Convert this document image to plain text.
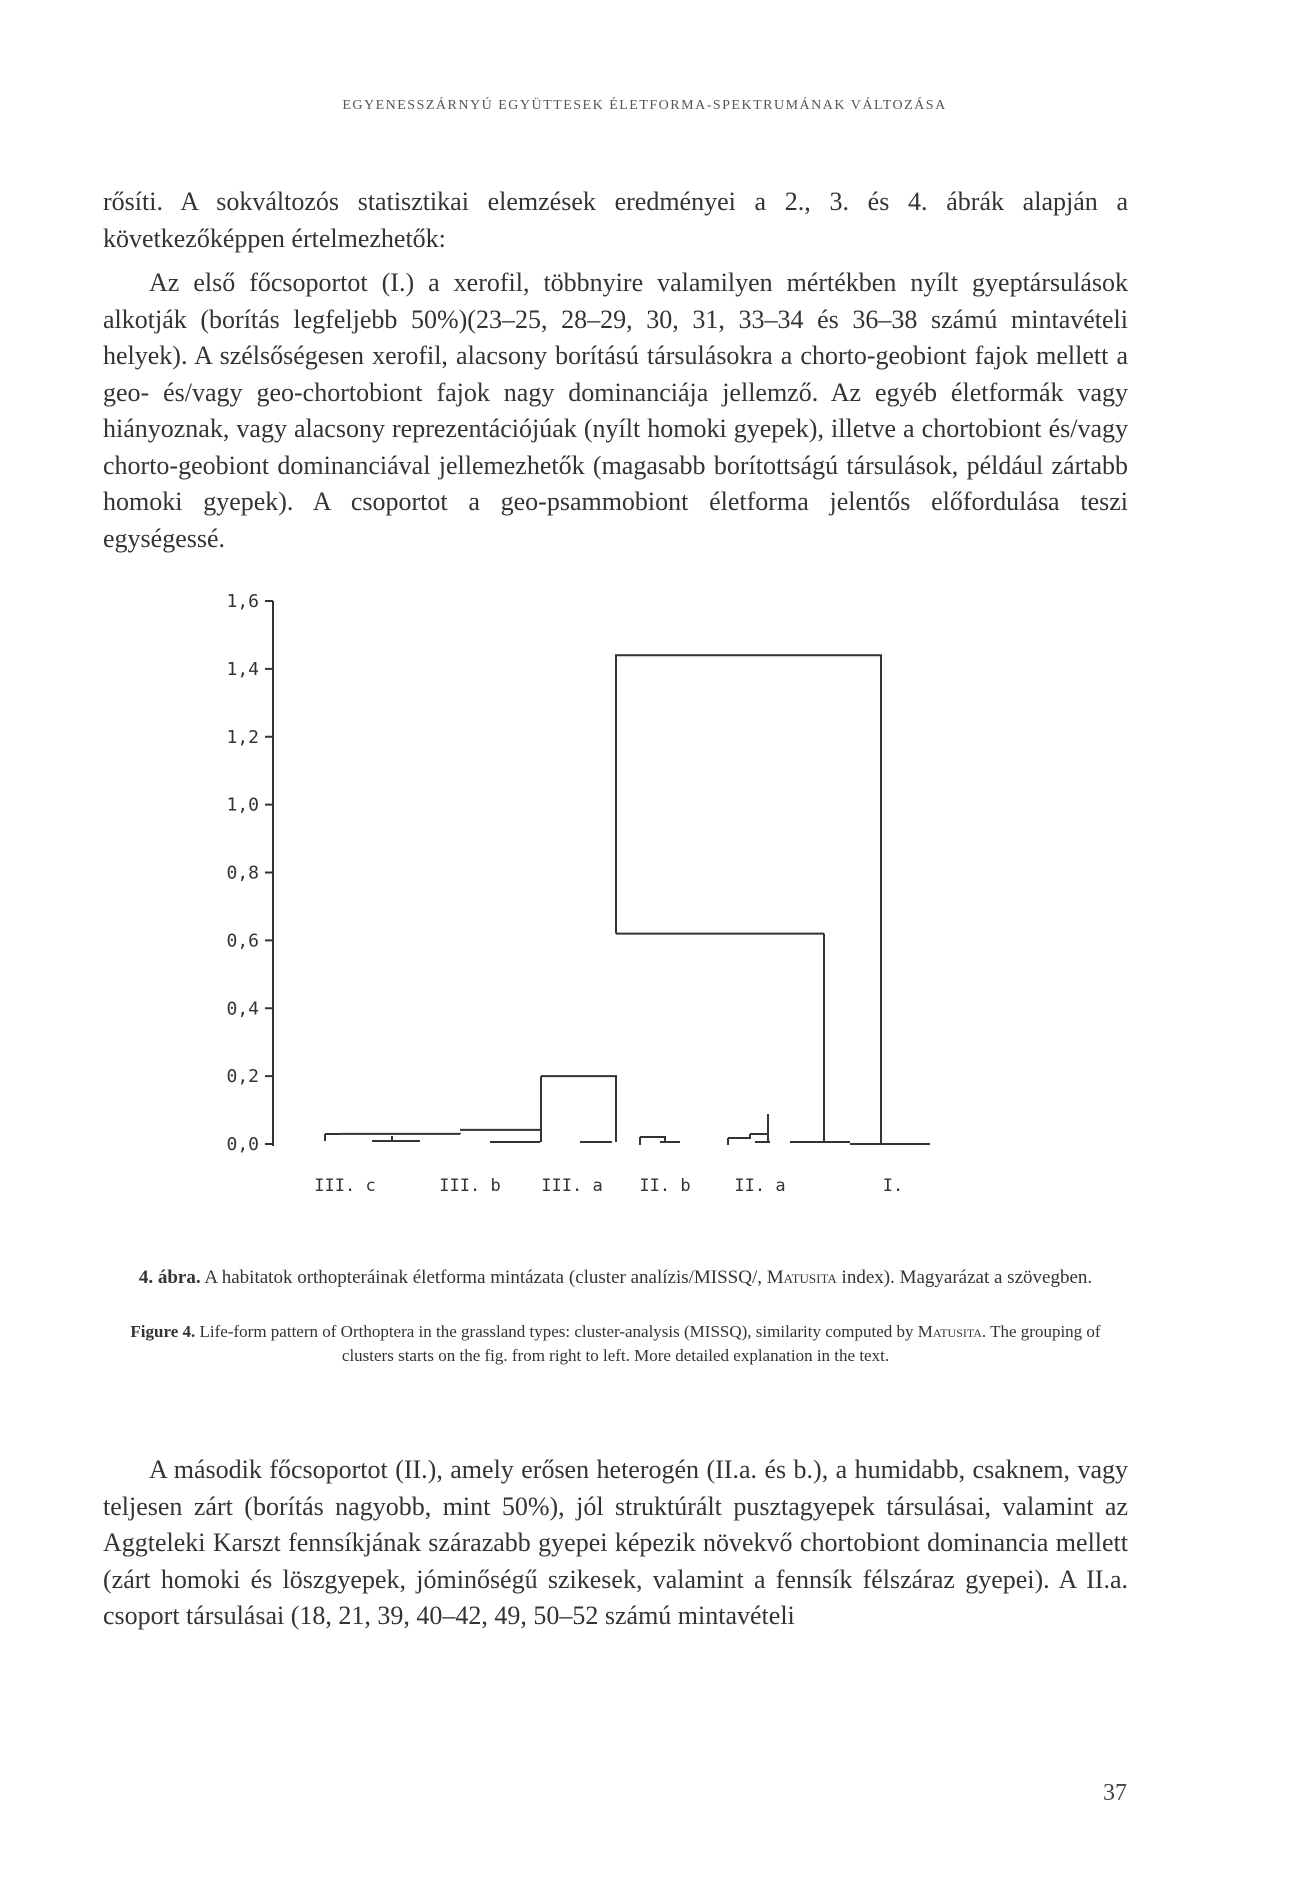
EGYENESSZÁRNYÚ EGYÜTTESEK ÉLETFORMA-SPEKTRUMÁNAK VÁLTOZÁSA

rősíti. A sokváltozós statisztikai elemzések eredményei a 2., 3. és 4. ábrák alapján a következőképpen értelmezhetők:

Az első főcsoportot (I.) a xerofil, többnyire valamilyen mértékben nyílt gyeptársulások alkotják (borítás legfeljebb 50%)(23–25, 28–29, 30, 31, 33–34 és 36–38 számú mintavételi helyek). A szélsőségesen xerofil, alacsony borítású társulásokra a chorto-geobiont fajok mellett a geo- és/vagy geo-chortobiont fajok nagy dominanciája jellemző. Az egyéb életformák vagy hiányoznak, vagy alacsony reprezentációjúak (nyílt homoki gyepek), illetve a chortobiont és/vagy chorto-geobiont dominanciával jellemezhetők (magasabb borítottságú társulások, például zártabb homoki gyepek). A csoportot a geo-psammobiont életforma jelentős előfordulása teszi egységessé.

0,0
0,2
0,4
0,6
0,8
1,0
1,2
1,4
1,6
III. c	III. b III. a II. b	II. a	I.

4. ábra. A habitatok orthopteráinak életforma mintázata (cluster analízis/MISSQ/, Matusita index). Magyarázat a szövegben.

Figure 4. Life-form pattern of Orthoptera in the grassland types: cluster-analysis (MISSQ), similarity computed by Matusita. The grouping of clusters starts on the fig. from right to left. More detailed explanation in the text.

A második főcsoportot (II.), amely erősen heterogén (II.a. és b.), a humidabb, csaknem, vagy teljesen zárt (borítás nagyobb, mint 50%), jól struktúrált pusztagyepek társulásai, valamint az Aggteleki Karszt fennsíkjának szárazabb gyepei képezik növekvő chortobiont dominancia mellett (zárt homoki és löszgyepek, jóminőségű szikesek, valamint a fennsík félszáraz gyepei). A II.a. csoport társulásai (18, 21, 39, 40–42, 49, 50–52 számú mintavételi

37
